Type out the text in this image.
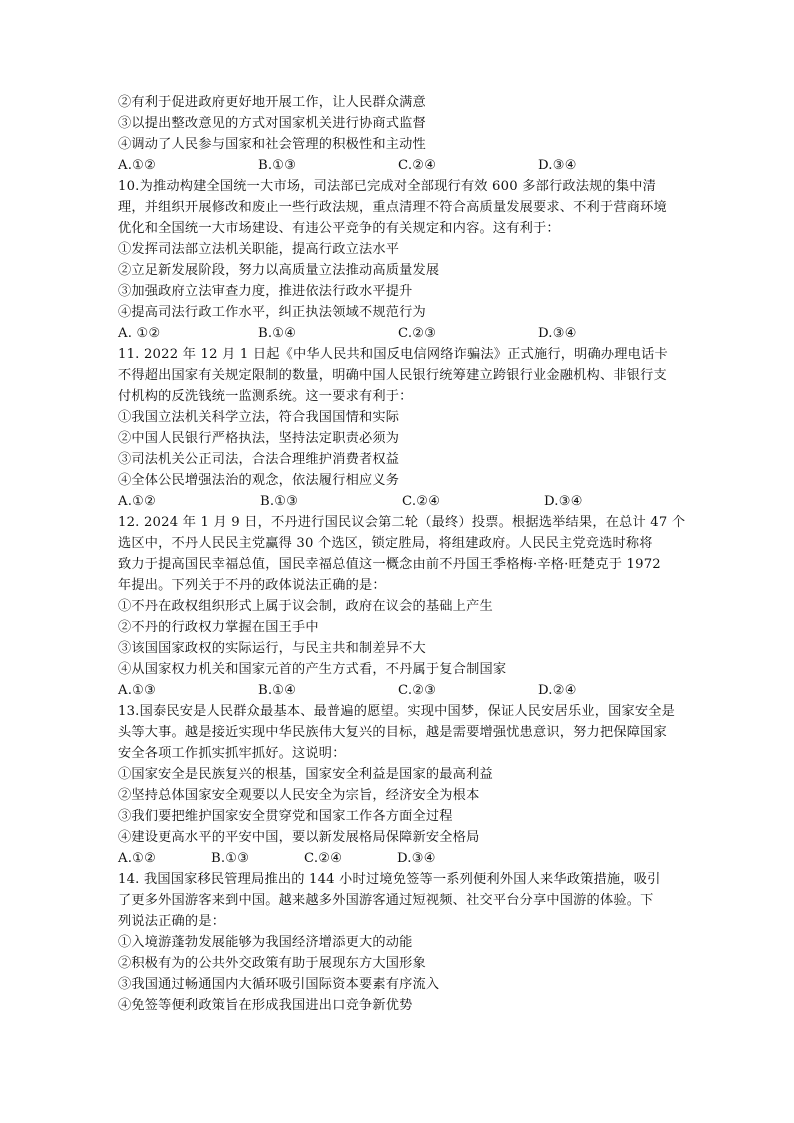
②有利于促进政府更好地开展工作，让人民群众满意
③以提出整改意见的方式对国家机关进行协商式监督
④调动了人民参与国家和社会管理的积极性和主动性
A.①②	B.①③	C.②④	D.③④
10.为推动构建全国统一大市场，司法部已完成对全部现行有效 600 多部行政法规的集中清
理，并组织开展修改和废止一些行政法规，重点清理不符合高质量发展要求、不利于营商环境
优化和全国统一大市场建设、有违公平竞争的有关规定和内容。这有利于：
①发挥司法部立法机关职能，提高行政立法水平
②立足新发展阶段，努力以高质量立法推动高质量发展
③加强政府立法审查力度，推进依法行政水平提升
④提高司法行政工作水平，纠正执法领域不规范行为
A. ①②	B.①④	C.②③	D.③④
11. 2022 年 12 月 1 日起《中华人民共和国反电信网络诈骗法》正式施行，明确办理电话卡
不得超出国家有关规定限制的数量，明确中国人民银行统筹建立跨银行业金融机构、非银行支
付机构的反洗钱统一监测系统。这一要求有利于：
①我国立法机关科学立法，符合我国国情和实际
②中国人民银行严格执法，坚持法定职责必须为
③司法机关公正司法，合法合理维护消费者权益
④全体公民增强法治的观念，依法履行相应义务
A.①②	B.①③	C.②④	D.③④
12. 2024 年 1 月 9 日，不丹进行国民议会第二轮（最终）投票。根据选举结果，在总计 47 个
选区中，不丹人民民主党赢得 30 个选区，锁定胜局，将组建政府。人民民主党竞选时称将
致力于提高国民幸福总值，国民幸福总值这一概念由前不丹国王季格梅·辛格·旺楚克于 1972
年提出。下列关于不丹的政体说法正确的是：
①不丹在政权组织形式上属于议会制，政府在议会的基础上产生
②不丹的行政权力掌握在国王手中
③该国国家政权的实际运行，与民主共和制差异不大
④从国家权力机关和国家元首的产生方式看，不丹属于复合制国家
A.①③	B.①④	C.②③	D.②④
13.国泰民安是人民群众最基本、最普遍的愿望。实现中国梦，保证人民安居乐业，国家安全是
头等大事。越是接近实现中华民族伟大复兴的目标，越是需要增强忧患意识，努力把保障国家
安全各项工作抓实抓牢抓好。这说明：
①国家安全是民族复兴的根基，国家安全利益是国家的最高利益
②坚持总体国家安全观要以人民安全为宗旨，经济安全为根本
③我们要把维护国家安全贯穿党和国家工作各方面全过程
④建设更高水平的平安中国，要以新发展格局保障新安全格局
A.①②	B.①③	C.②④	D.③④
14. 我国国家移民管理局推出的 144 小时过境免签等一系列便利外国人来华政策措施，吸引
了更多外国游客来到中国。越来越多外国游客通过短视频、社交平台分享中国游的体验。下
列说法正确的是：
①入境游蓬勃发展能够为我国经济增添更大的动能
②积极有为的公共外交政策有助于展现东方大国形象
③我国通过畅通国内大循环吸引国际资本要素有序流入
④免签等便利政策旨在形成我国进出口竞争新优势
